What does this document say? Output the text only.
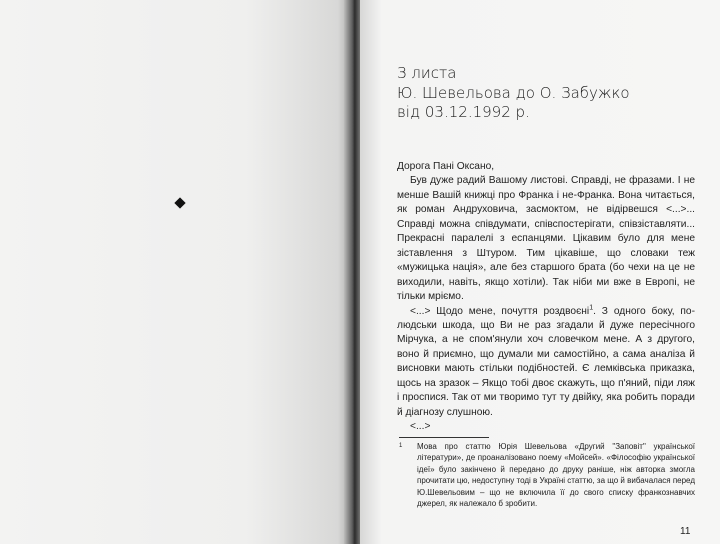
З листа
Ю. Шевельова до О. Забужко
від 03.12.1992 р.

Дорога Пані Оксано,

Був дуже радий Вашому листові. Справді, не фразами. І не менше Вашій книжці про Франка і не-Франка. Вона читається, як роман Андруховича, засмоктом, не відірвешся <...>... Справді можна співдумати, співспостерігати, співзіставляти... Прекрасні паралелі з еспанцями. Цікавим було для мене зіставлення з Штуром. Тим цікавіше, що словаки теж «мужицька нація», але без старшого брата (бо чехи на це не виходили, навіть, якщо хотіли). Так ніби ми вже в Европі, не тільки мріємо.

<...> Щодо мене, почуття роздвоєні$^1$. З одного боку, по-людськи шкода, що Ви не раз згадали й дуже пересічного Мірчука, а не спом'янули хоч словечком мене. А з другого, воно й приємно, що думали ми самостійно, а сама аналіза й висновки мають стільки подібностей. Є лемківська приказка, щось на зразок – Якщо тобі двоє скажуть, що п'яний, піди ляж і проспися. Так от ми творимо тут ту двійку, яка робить поради й діагнозу слушною.

<...>

1 Мова про статтю Юрія Шевельова «Другий "Заповіт" української літератури», де проаналізовано поему «Мойсей». «Філософію української ідеї» було закінчено й передано до друку раніше, ніж авторка змогла прочитати цю, недоступну тоді в Україні статтю, за що й вибачалася перед Ю.Шевельовим – що не включила її до свого списку франкознавчих джерел, як належало б зробити.
11
